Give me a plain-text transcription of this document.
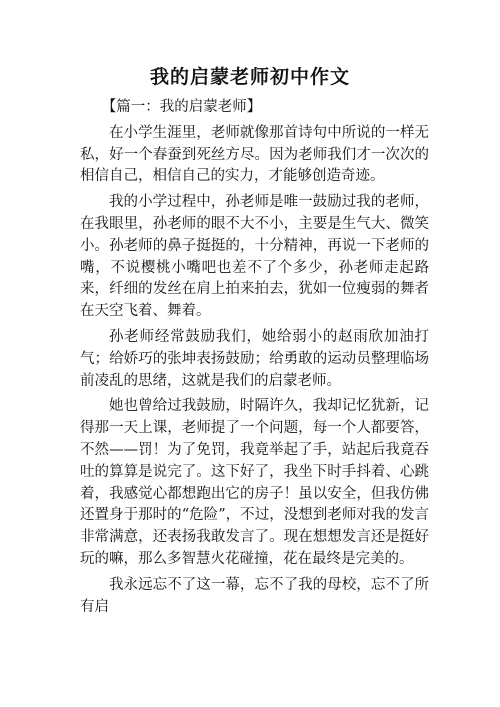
我的启蒙老师初中作文
【篇一：我的启蒙老师】

在小学生涯里，老师就像那首诗句中所说的一样无私，好一个春蚕到死丝方尽。因为老师我们才一次次的相信自己，相信自己的实力，才能够创造奇迹。

我的小学过程中，孙老师是唯一鼓励过我的老师，在我眼里，孙老师的眼不大不小，主要是生气大、微笑小。孙老师的鼻子挺挺的，十分精神，再说一下老师的嘴，不说樱桃小嘴吧也差不了个多少，孙老师走起路来，纤细的发丝在肩上拍来拍去，犹如一位瘦弱的舞者在天空飞着、舞着。

孙老师经常鼓励我们，她给弱小的赵雨欣加油打气；给娇巧的张坤表扬鼓励；给勇敢的运动员整理临场前凌乱的思绪，这就是我们的启蒙老师。

她也曾给过我鼓励，时隔许久，我却记忆犹新，记得那一天上课，老师提了一个问题，每一个人都要答，不然——罚！为了免罚，我竟举起了手，站起后我竟吞吐的算算是说完了。这下好了，我坐下时手抖着、心跳着，我感觉心都想跑出它的房子！虽以安全，但我仿佛还置身于那时的“危险”，不过，没想到老师对我的发言非常满意，还表扬我敢发言了。现在想想发言还是挺好玩的嘛，那么多智慧火花碰撞，花在最终是完美的。

我永远忘不了这一幕，忘不了我的母校，忘不了所有启
